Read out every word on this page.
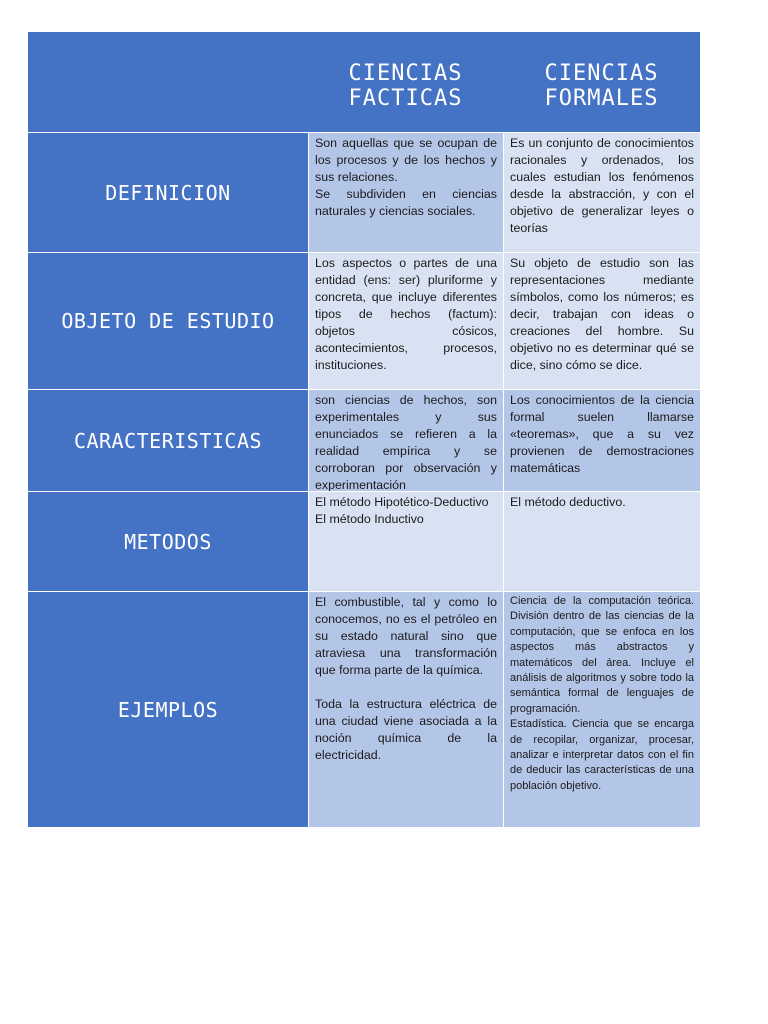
CIENCIAS
FACTICAS
CIENCIAS
FORMALES
DEFINICION
Son aquellas que se ocupan de los procesos y de los hechos y sus relaciones.
Se subdividen en ciencias naturales y ciencias sociales.
Es un conjunto de conocimientos racionales y ordenados, los cuales estudian los fenómenos desde la abstracción, y con el objetivo de generalizar leyes o teorías
OBJETO DE ESTUDIO
Los aspectos o partes de una entidad (ens: ser) pluriforme y concreta, que incluye diferentes tipos de hechos (factum): objetos cósicos, acontecimientos, procesos, instituciones.
Su objeto de estudio son las representaciones mediante símbolos, como los números; es decir, trabajan con ideas o creaciones del hombre. Su objetivo no es determinar qué se dice, sino cómo se dice.
CARACTERISTICAS
son ciencias de hechos, son experimentales y sus enunciados se refieren a la realidad empírica y se corroboran por observación y experimentación
Los conocimientos de la ciencia formal suelen llamarse «teoremas», que a su vez provienen de demostraciones matemáticas
METODOS
El método Hipotético-Deductivo
El método Inductivo
El método deductivo.
EJEMPLOS
El combustible, tal y como lo conocemos, no es el petróleo en su estado natural sino que atraviesa una transformación que forma parte de la química.

Toda la estructura eléctrica de una ciudad viene asociada a la noción química de la electricidad.
Ciencia de la computación teórica. División dentro de las ciencias de la computación, que se enfoca en los aspectos más abstractos y matemáticos del área. Incluye el análisis de algoritmos y sobre todo la semántica formal de lenguajes de programación.
Estadística. Ciencia que se encarga de recopilar, organizar, procesar, analizar e interpretar datos con el fin de deducir las características de una población objetivo.
